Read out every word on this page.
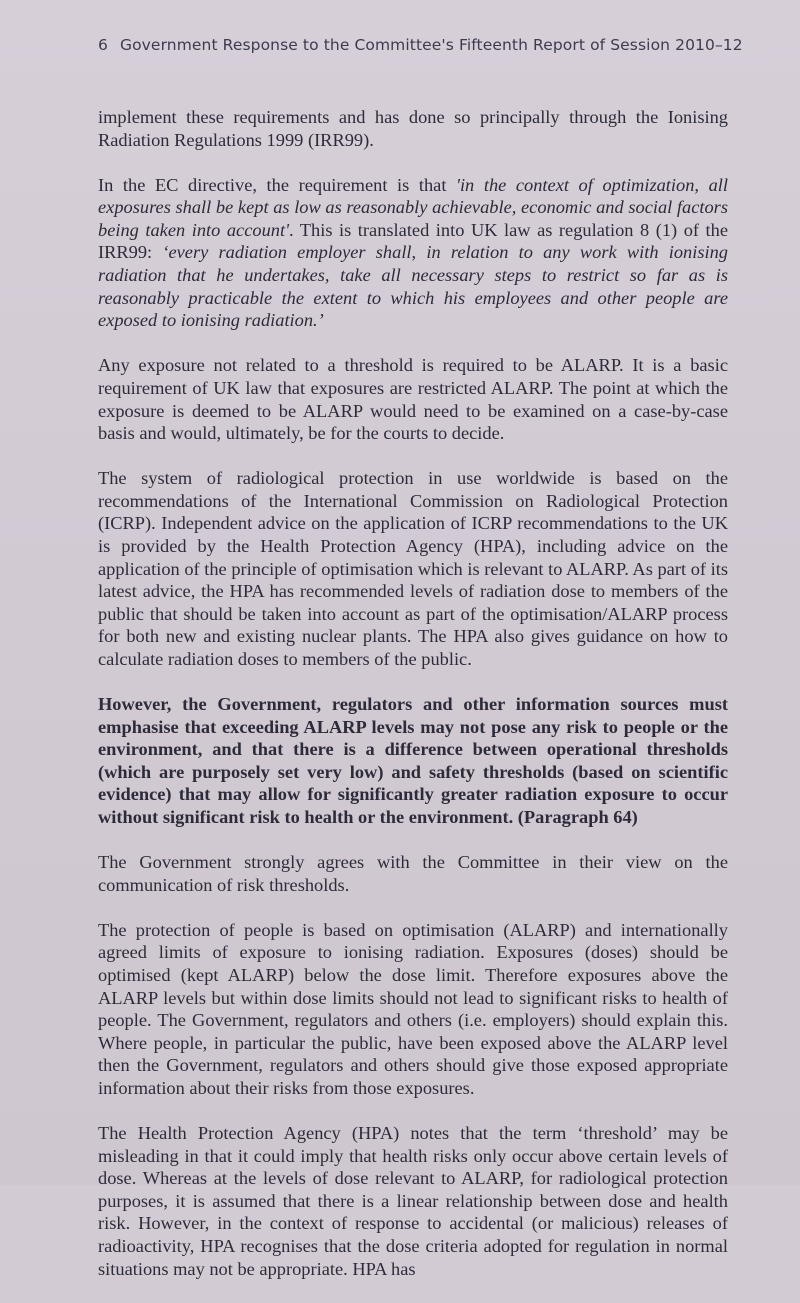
6 Government Response to the Committee's Fifteenth Report of Session 2010–12

implement these requirements and has done so principally through the Ionising Radiation Regulations 1999 (IRR99).

In the EC directive, the requirement is that 'in the context of optimization, all exposures shall be kept as low as reasonably achievable, economic and social factors being taken into account'. This is translated into UK law as regulation 8 (1) of the IRR99: ‘every radiation employer shall, in relation to any work with ionising radiation that he undertakes, take all necessary steps to restrict so far as is reasonably practicable the extent to which his employees and other people are exposed to ionising radiation.’

Any exposure not related to a threshold is required to be ALARP. It is a basic requirement of UK law that exposures are restricted ALARP. The point at which the exposure is deemed to be ALARP would need to be examined on a case-by-case basis and would, ultimately, be for the courts to decide.

The system of radiological protection in use worldwide is based on the recommendations of the International Commission on Radiological Protection (ICRP). Independent advice on the application of ICRP recommendations to the UK is provided by the Health Protection Agency (HPA), including advice on the application of the principle of optimisation which is relevant to ALARP. As part of its latest advice, the HPA has recommended levels of radiation dose to members of the public that should be taken into account as part of the optimisation/ALARP process for both new and existing nuclear plants. The HPA also gives guidance on how to calculate radiation doses to members of the public.

However, the Government, regulators and other information sources must emphasise that exceeding ALARP levels may not pose any risk to people or the environment, and that there is a difference between operational thresholds (which are purposely set very low) and safety thresholds (based on scientific evidence) that may allow for significantly greater radiation exposure to occur without significant risk to health or the environment. (Paragraph 64)

The Government strongly agrees with the Committee in their view on the communication of risk thresholds.

The protection of people is based on optimisation (ALARP) and internationally agreed limits of exposure to ionising radiation. Exposures (doses) should be optimised (kept ALARP) below the dose limit. Therefore exposures above the ALARP levels but within dose limits should not lead to significant risks to health of people. The Government, regulators and others (i.e. employers) should explain this. Where people, in particular the public, have been exposed above the ALARP level then the Government, regulators and others should give those exposed appropriate information about their risks from those exposures.

The Health Protection Agency (HPA) notes that the term ‘threshold’ may be misleading in that it could imply that health risks only occur above certain levels of dose. Whereas at the levels of dose relevant to ALARP, for radiological protection purposes, it is assumed that there is a linear relationship between dose and health risk. However, in the context of response to accidental (or malicious) releases of radioactivity, HPA recognises that the dose criteria adopted for regulation in normal situations may not be appropriate. HPA has
